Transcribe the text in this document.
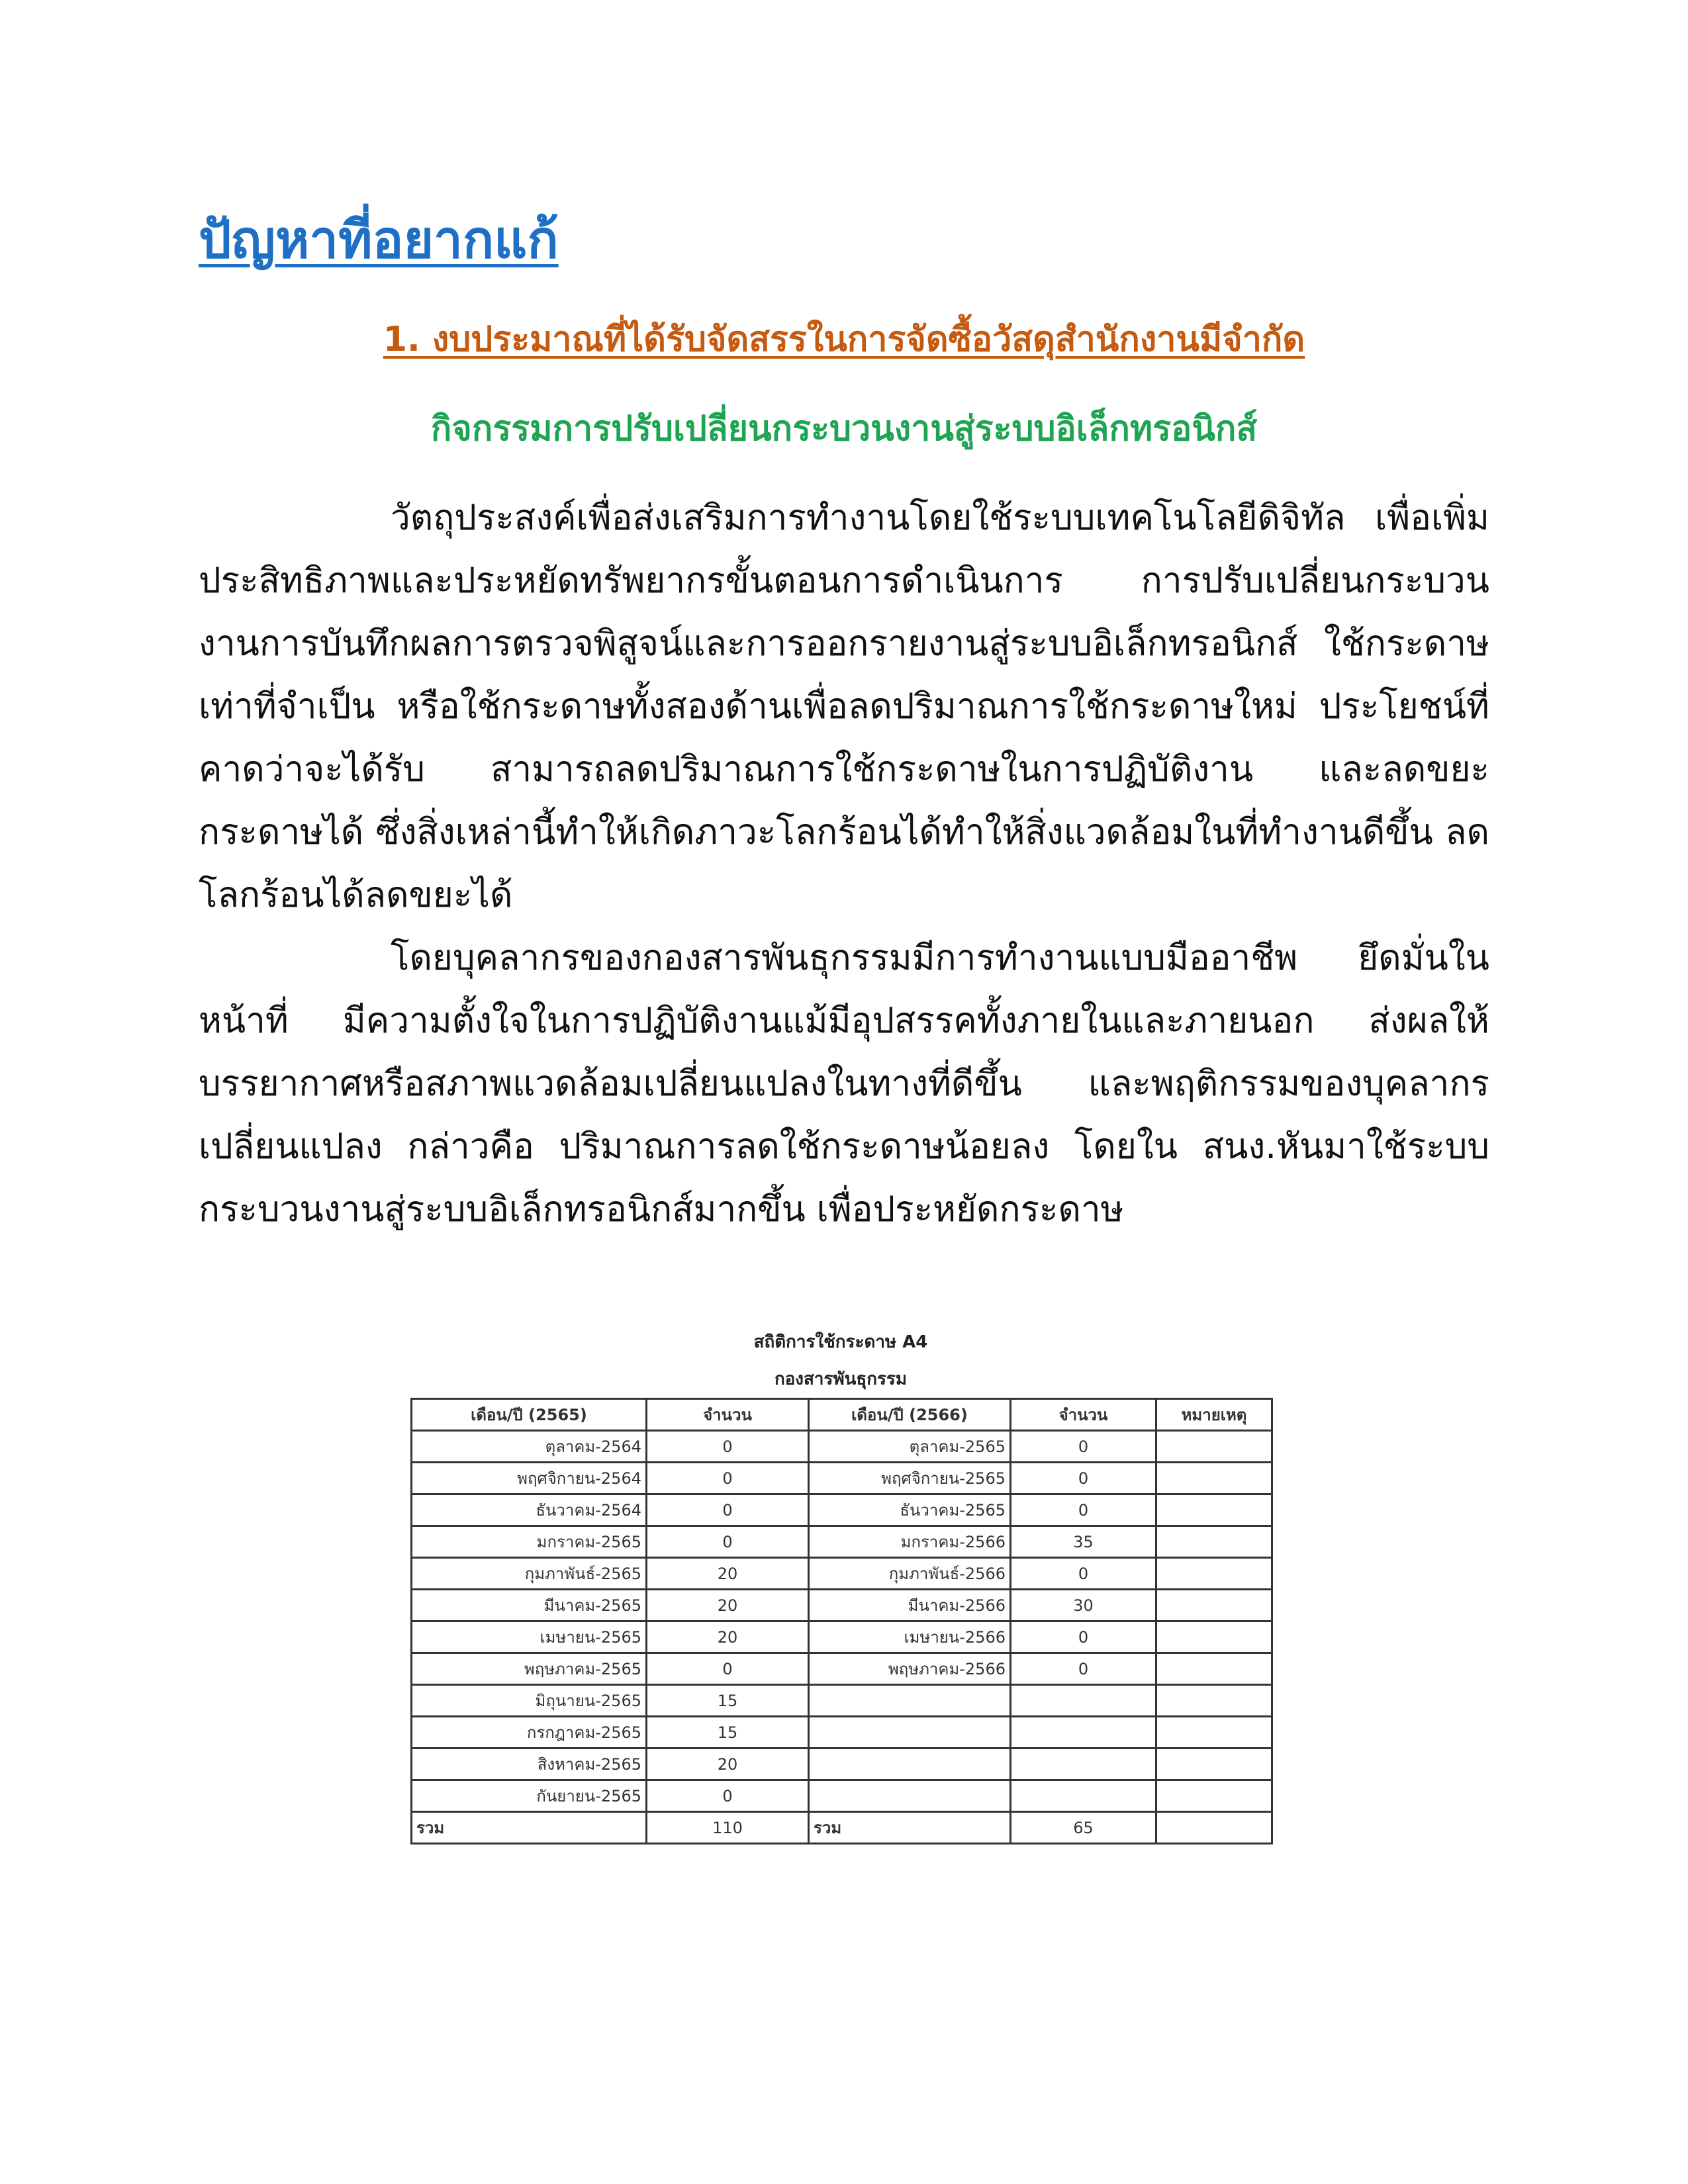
ปัญหาที่อยากแก้
1. งบประมาณที่ได้รับจัดสรรในการจัดซื้อวัสดุสำนักงานมีจำกัด
กิจกรรมการปรับเปลี่ยนกระบวนงานสู่ระบบอิเล็กทรอนิกส์

วัตถุประสงค์เพื่อส่งเสริมการทำงานโดยใช้ระบบเทคโนโลยีดิจิทัล เพื่อเพิ่มประสิทธิภาพและประหยัดทรัพยากรขั้นตอนการดำเนินการ การปรับเปลี่ยนกระบวนงานการบันทึกผลการตรวจพิสูจน์และการออกรายงานสู่ระบบอิเล็กทรอนิกส์ ใช้กระดาษเท่าที่จำเป็น หรือใช้กระดาษทั้งสองด้านเพื่อลดปริมาณการใช้กระดาษใหม่ ประโยชน์ที่คาดว่าจะได้รับ สามารถลดปริมาณการใช้กระดาษในการปฏิบัติงาน และลดขยะกระดาษได้ ซึ่งสิ่งเหล่านี้ทำให้เกิดภาวะโลกร้อนได้ทำให้สิ่งแวดล้อมในที่ทำงานดีขึ้น ลดโลกร้อนได้ลดขยะได้

โดยบุคลากรของกองสารพันธุกรรมมีการทำงานแบบมืออาชีพ ยึดมั่นในหน้าที่ มีความตั้งใจในการปฏิบัติงานแม้มีอุปสรรคทั้งภายในและภายนอก ส่งผลให้บรรยากาศหรือสภาพแวดล้อมเปลี่ยนแปลงในทางที่ดีขึ้น และพฤติกรรมของบุคลากรเปลี่ยนแปลง กล่าวคือ ปริมาณการลดใช้กระดาษน้อยลง โดยใน สนง.หันมาใช้ระบบกระบวนงานสู่ระบบอิเล็กทรอนิกส์มากขึ้น เพื่อประหยัดกระดาษ

สถิติการใช้กระดาษ A4
กองสารพันธุกรรม
เดือน/ปี (2565)	จำนวน	เดือน/ปี (2566)	จำนวน	หมายเหตุ
ตุลาคม-2564	0	ตุลาคม-2565	0	
พฤศจิกายน-2564	0	พฤศจิกายน-2565	0	
ธันวาคม-2564	0	ธันวาคม-2565	0	
มกราคม-2565	0	มกราคม-2566	35	
กุมภาพันธ์-2565	20	กุมภาพันธ์-2566	0	
มีนาคม-2565	20	มีนาคม-2566	30	
เมษายน-2565	20	เมษายน-2566	0	
พฤษภาคม-2565	0	พฤษภาคม-2566	0	
มิถุนายน-2565	15			
กรกฎาคม-2565	15			
สิงหาคม-2565	20			
กันยายน-2565	0			
รวม	110	รวม	65	
